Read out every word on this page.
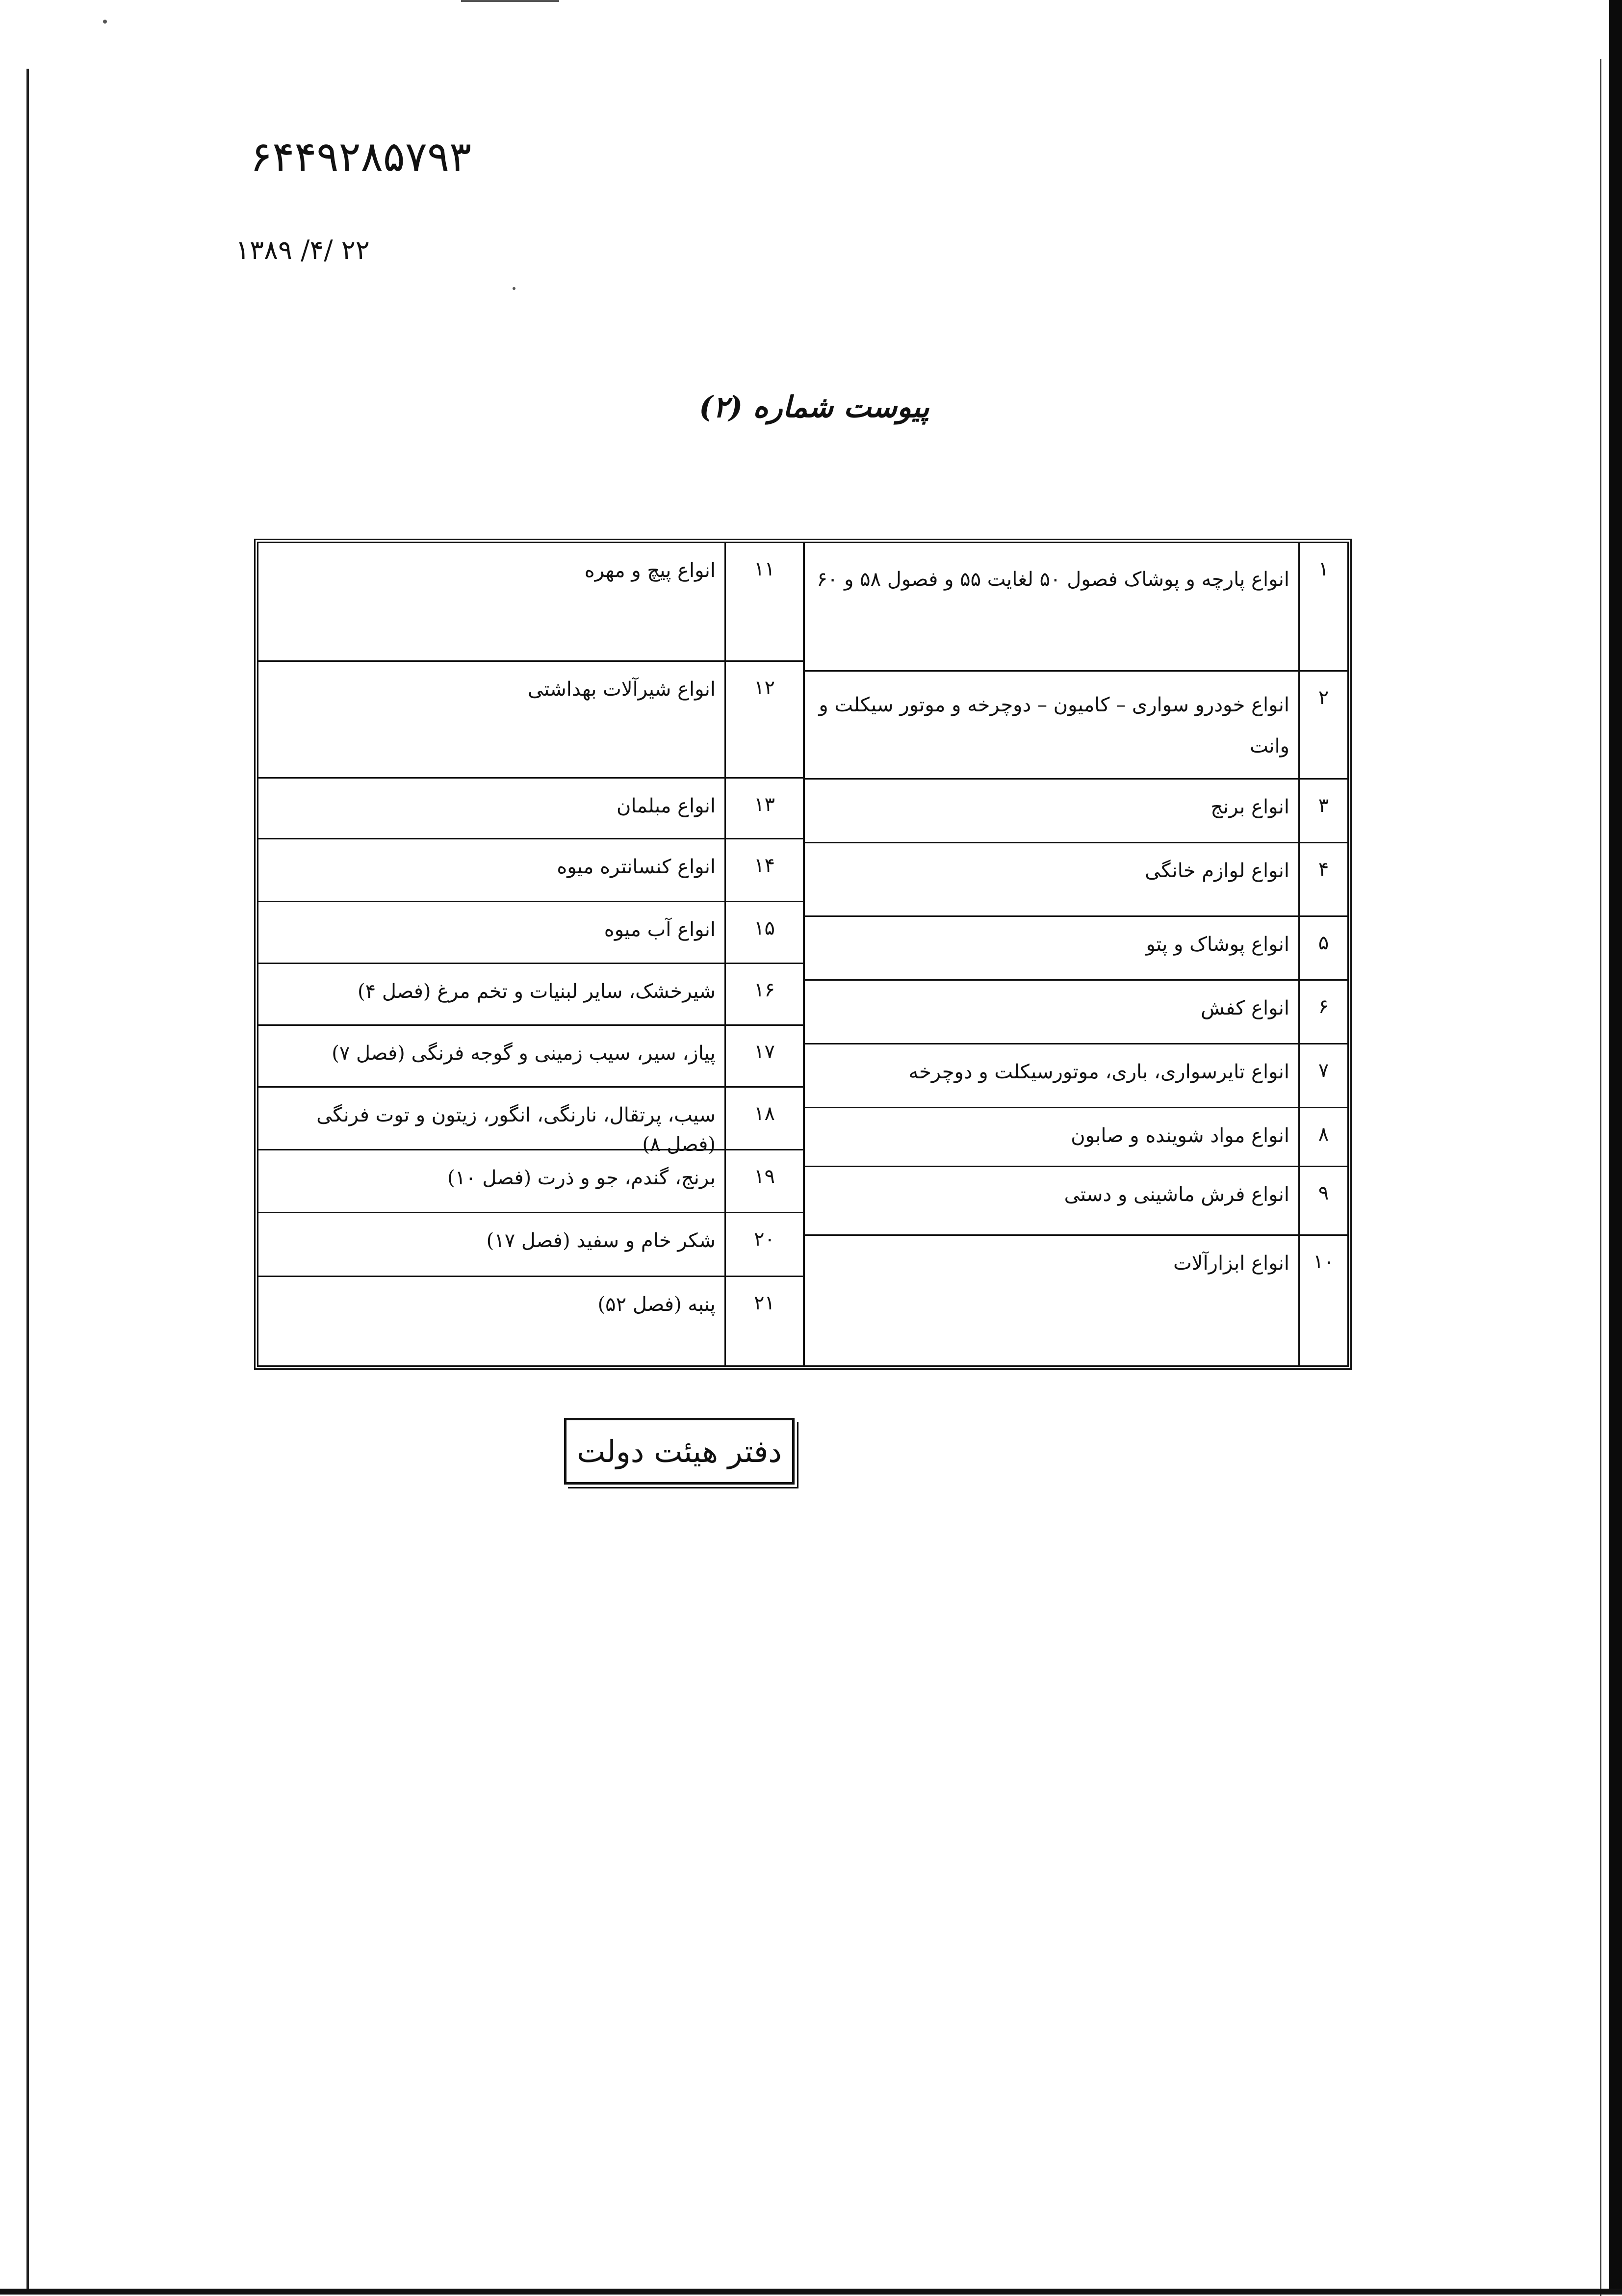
۶۴۴۹۲۸۵۷۹۳
۱۳۸۹ /۴/ ۲۲
پیوست شماره (۲)
۱
انواع پارچه و پوشاک فصول ۵۰ لغایت ۵۵ و فصول ۵۸ و ۶۰
۲
انواع خودرو سواری – کامیون – دوچرخه و موتور سیکلت و وانت
۳
انواع برنج
۴
انواع لوازم خانگی
۵
انواع پوشاک و پتو
۶
انواع کفش
۷
انواع تایرسواری، باری، موتورسیکلت و دوچرخه
۸
انواع مواد شوینده و صابون
۹
انواع فرش ماشینی و دستی
۱۰
انواع ابزارآلات
۱۱
انواع پیچ و مهره
۱۲
انواع شیرآلات بهداشتی
۱۳
انواع مبلمان
۱۴
انواع کنسانتره میوه
۱۵
انواع آب میوه
۱۶
شیرخشک، سایر لبنیات و تخم مرغ (فصل ۴)
۱۷
پیاز، سیر، سیب زمینی و گوجه فرنگی (فصل ۷)
۱۸
سیب، پرتقال، نارنگی، انگور، زیتون و توت فرنگی (فصل ۸)
۱۹
برنج، گندم، جو و ذرت (فصل ۱۰)
۲۰
شکر خام و سفید (فصل ۱۷)
۲۱
پنبه (فصل ۵۲)
دفتر هیئت دولت
